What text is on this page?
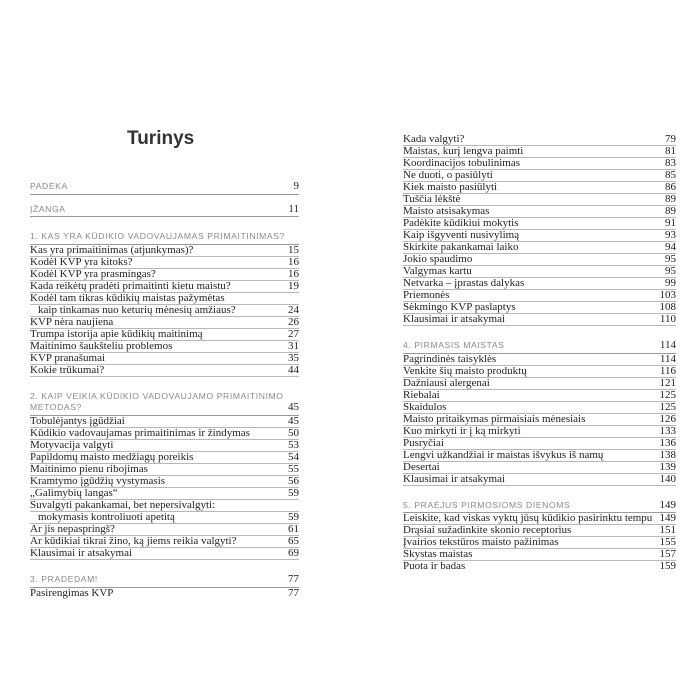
Turinys
PADĖKA	9
ĮŽANGA	11
1. KAS YRA KŪDIKIO VADOVAUJAMAS PRIMAITINIMAS?
Kas yra primaitinimas (atjunkymas)?	15
Kodėl KVP yra kitoks?	16
Kodėl KVP yra prasmingas?	16
Kada reikėtų pradėti primaitinti kietu maistu?	19
Kodėl tam tikras kūdikių maistas pažymėtas
kaip tinkamas nuo keturių mėnesių amžiaus?	24
KVP nėra naujiena	26
Trumpa istorija apie kūdikių maitinimą	27
Maitinimo šaukšteliu problemos	31
KVP pranašumai	35
Kokie trūkumai?	44
2. KAIP VEIKIA KŪDIKIO VADOVAUJAMO PRIMAITINIMO
METODAS?	45
Tobulėjantys įgūdžiai	45
Kūdikio vadovaujamas primaitinimas ir žindymas	50
Motyvacija valgyti	53
Papildomų maisto medžiagų poreikis	54
Maitinimo pienu ribojimas	55
Kramtymo įgūdžių vystymasis	56
„Galimybių langas“	59
Suvalgyti pakankamai, bet nepersivalgyti:
mokymasis kontroliuoti apetitą	59
Ar jis nepaspringš?	61
Ar kūdikiai tikrai žino, ką jiems reikia valgyti?	65
Klausimai ir atsakymai	69
3. PRADEDAM!	77
Pasirengimas KVP	77
Kada valgyti?	79
Maistas, kurį lengva paimti	81
Koordinacijos tobulinimas	83
Ne duoti, o pasiūlyti	85
Kiek maisto pasiūlyti	86
Tuščia lėkštė	89
Maisto atsisakymas	89
Padėkite kūdikiui mokytis	91
Kaip išgyventi nusivylimą	93
Skirkite pakankamai laiko	94
Jokio spaudimo	95
Valgymas kartu	95
Netvarka – įprastas dalykas	99
Priemonės	103
Sėkmingo KVP paslaptys	108
Klausimai ir atsakymai	110
4. PIRMASIS MAISTAS	114
Pagrindinės taisyklės	114
Venkite šių maisto produktų	116
Dažniausi alergenai	121
Riebalai	125
Skaidulos	125
Maisto pritaikymas pirmaisiais mėnesiais	126
Kuo mirkyti ir į ką mirkyti	133
Pusryčiai	136
Lengvi užkandžiai ir maistas išvykus iš namų	138
Desertai	139
Klausimai ir atsakymai	140
5. PRAĖJUS PIRMOSIOMS DIENOMS	149
Leiskite, kad viskas vyktų jūsų kūdikio pasirinktu tempu 149
Drąsiai sužadinkite skonio receptorius	151
Įvairios tekstūros maisto pažinimas	155
Skystas maistas	157
Puota ir badas	159
